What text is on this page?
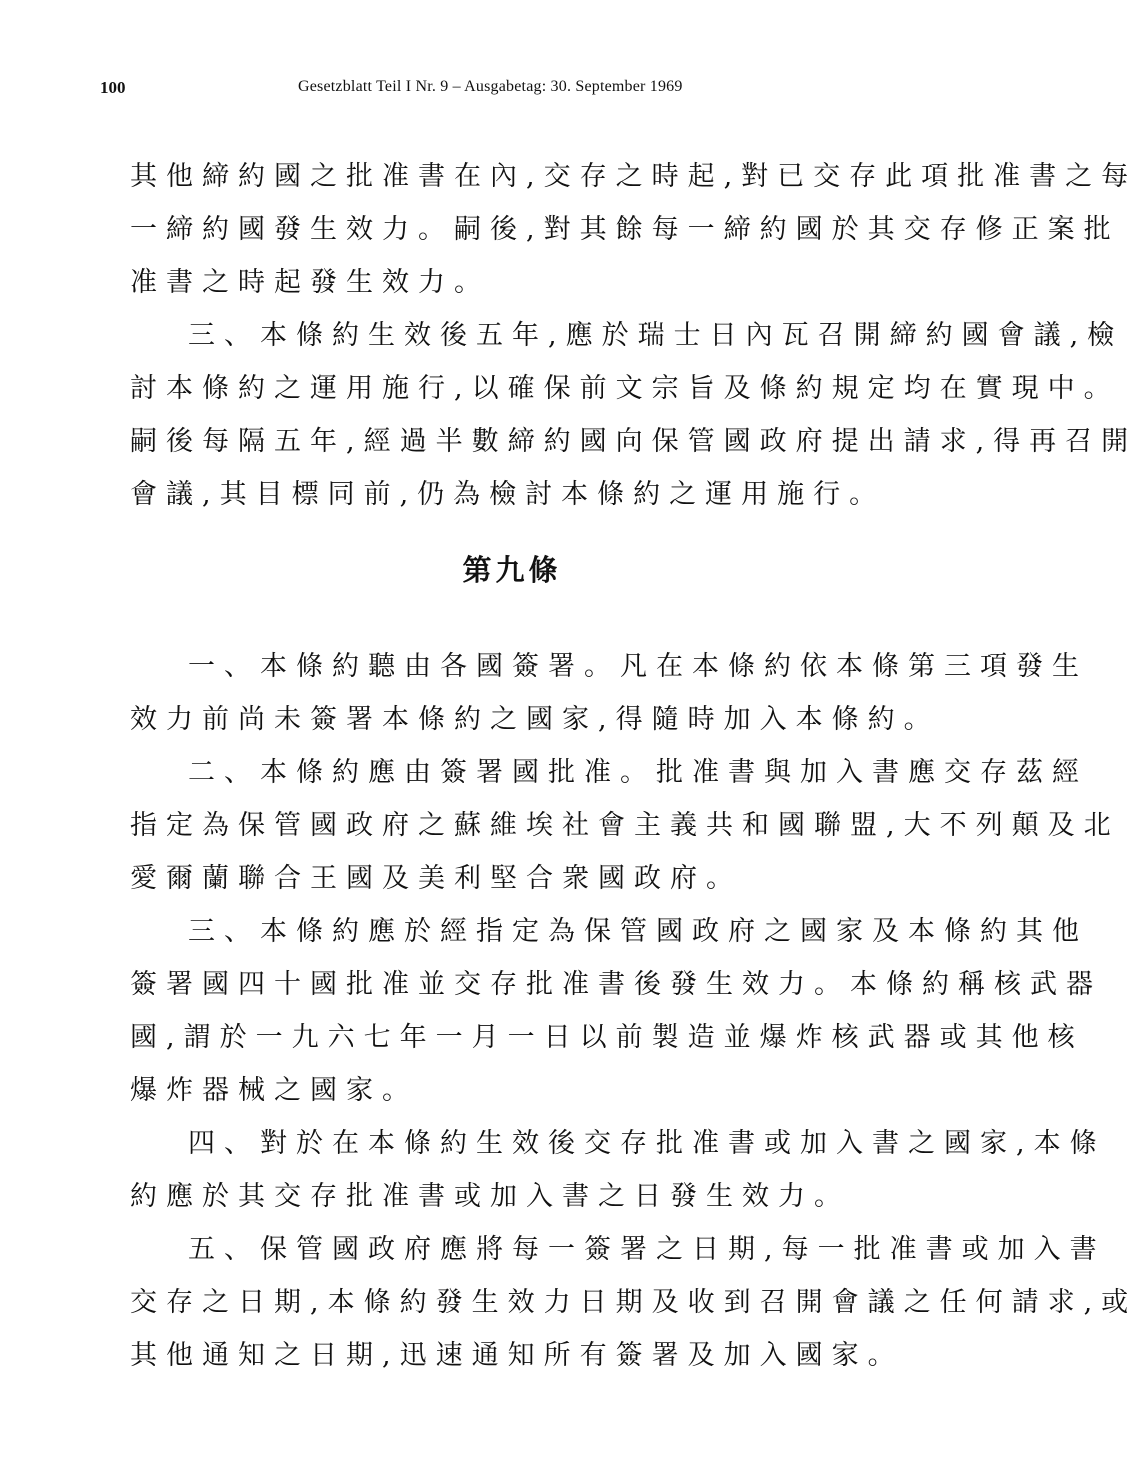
100	Gesetzblatt Teil I Nr. 9 – Ausgabetag: 30. September 1969
其他締約國之批准書在內,交存之時起,對已交存此項批准書之每
一締約國發生效力。嗣後,對其餘每一締約國於其交存修正案批
准書之時起發生效力。
三、本條約生效後五年,應於瑞士日內瓦召開締約國會議,檢
討本條約之運用施行,以確保前文宗旨及條約規定均在實現中。
嗣後每隔五年,經過半數締約國向保管國政府提出請求,得再召開
會議,其目標同前,仍為檢討本條約之運用施行。
第九條
一、本條約聽由各國簽署。凡在本條約依本條第三項發生
效力前尚未簽署本條約之國家,得隨時加入本條約。
二、本條約應由簽署國批准。批准書與加入書應交存茲經
指定為保管國政府之蘇維埃社會主義共和國聯盟,大不列顛及北
愛爾蘭聯合王國及美利堅合衆國政府。
三、本條約應於經指定為保管國政府之國家及本條約其他
簽署國四十國批准並交存批准書後發生效力。本條約稱核武器
國,謂於一九六七年一月一日以前製造並爆炸核武器或其他核
爆炸器械之國家。
四、對於在本條約生效後交存批准書或加入書之國家,本條
約應於其交存批准書或加入書之日發生效力。
五、保管國政府應將每一簽署之日期,每一批准書或加入書
交存之日期,本條約發生效力日期及收到召開會議之任何請求,或
其他通知之日期,迅速通知所有簽署及加入國家。
